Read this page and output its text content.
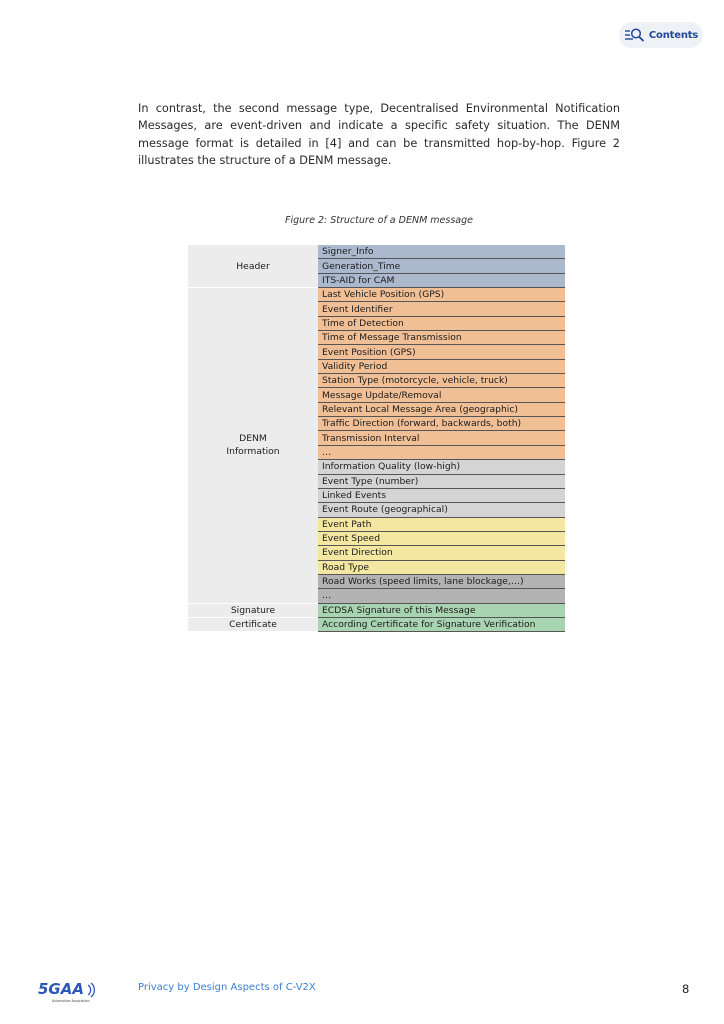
Contents

In contrast, the second message type, Decentralised Environmental Notification Messages, are event-driven and indicate a specific safety situation. The DENM message format is detailed in [4] and can be transmitted hop-by-hop. Figure 2 illustrates the structure of a DENM message.

Figure 2: Structure of a DENM message
Header	Signer_Info
	Generation_Time
	ITS-AID for CAM
DENM
Information	Last Vehicle Position (GPS)
	Event Identifier
	Time of Detection
	Time of Message Transmission
	Event Position (GPS)
	Validity Period
	Station Type (motorcycle, vehicle, truck)
	Message Update/Removal
	Relevant Local Message Area (geographic)
	Traffic Direction (forward, backwards, both)
	Transmission Interval
	…
	Information Quality (low-high)
	Event Type (number)
	Linked Events
	Event Route (geographical)
	Event Path
	Event Speed
	Event Direction
	Road Type
	Road Works (speed limits, lane blockage,…)
	…
Signature	ECDSA Signature of this Message
Certificate	According Certificate for Signature Verification
5GAA
Automotive Association
Privacy by Design Aspects of C-V2X	8
